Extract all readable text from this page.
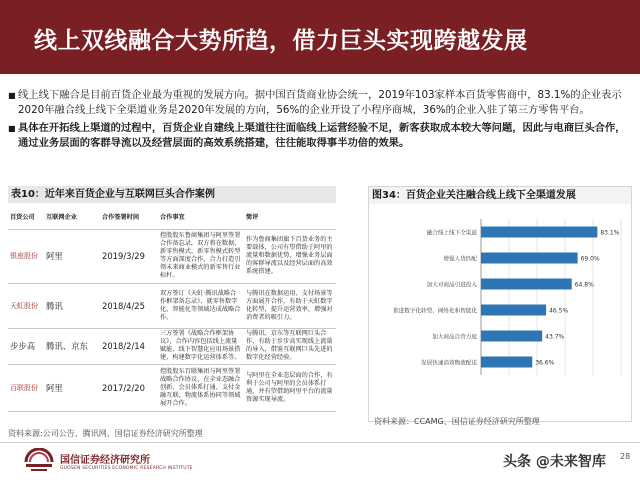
线上双线融合大势所趋，借力巨头实现跨越发展
■ 线上线下融合是目前百货企业最为重视的发展方向。据中国百货商业协会统一，2019年103家样本百货零售商中，83.1%的企业表示2020年融合线上线下全渠道业务是2020年发展的方向，56%的企业开设了小程序商城，36%的企业入驻了第三方零售平台。
■ 具体在开拓线上渠道的过程中，百货企业自建线上渠道往往面临线上运营经验不足，新客获取成本较大等问题，因此与电商巨头合作，通过业务层面的客群导流以及经营层面的高效系统搭建，往往能取得事半功倍的效果。
表10：近年来百货企业与互联网巨头合作案例
百货公司	互联网企业	合作签署时间	合作事宜	简评
银座股份	阿里	2019/3/29	控股股东鲁商集团与阿里签署合作备忘录，双方将在数据、新零售模式、新零售模式转型等方面深度合作，合力打造引领未来商业模式的新零售行业标杆。	作为鲁商集团旗下百货业务的主要载体，公司有望借助于阿里的流量和数据优势，增强业务层面的客群导流以及经营层面的高效系统搭建。
天虹股份	腾讯	2018/4/25	双方签订《天虹·腾讯战略合作框架备忘录》，就零售数字化、智能化等领域达成战略合作。	与腾讯在数据运用、支付场景等方面展开合作，有助于天虹数字化转型，提升运营效率，增强对消费者的吸引力。
步步高	腾讯、京东	2018/2/14	三方签署《战略合作框架协议》，合作内容包括线上流量赋能、线下智慧化应用场景搭建、构建数字化运营体系等。	与腾讯、京东等互联网巨头合作，有助于步步高实现线上流量的导入，借鉴互联网巨头先进的数字化经营经验。
百联股份	阿里	2017/2/20	控股股东百联集团与阿里签署战略合作协议，在全业态融合创新、会员体系打通、支付金融互联、物流体系协同等领域展开合作。	与阿里在全业态层面的合作，有利于公司与阿里的会员体系打通，并有望借助阿里平台的流量资源实现导流。
资料来源:公司公告、腾讯网、国信证券经济研究所整理
图34：百货企业关注融合线上线下全渠道发展
融合线上线下全渠道	83.1%
增强人货匹配	69.0%
加大对商品引进投入	64.8%
推进数字化转型、网络化和智能化	46.5%
加大商品自营力度	43.7%
发展快速高效物流配送	36.6%
资料来源：CCAMG、国信证券经济研究所整理
国信证券经济研究所
GUOSEN SECURITIES ECONOMIC RESEARCH INSTITUTE	头条 @未来智库 28
